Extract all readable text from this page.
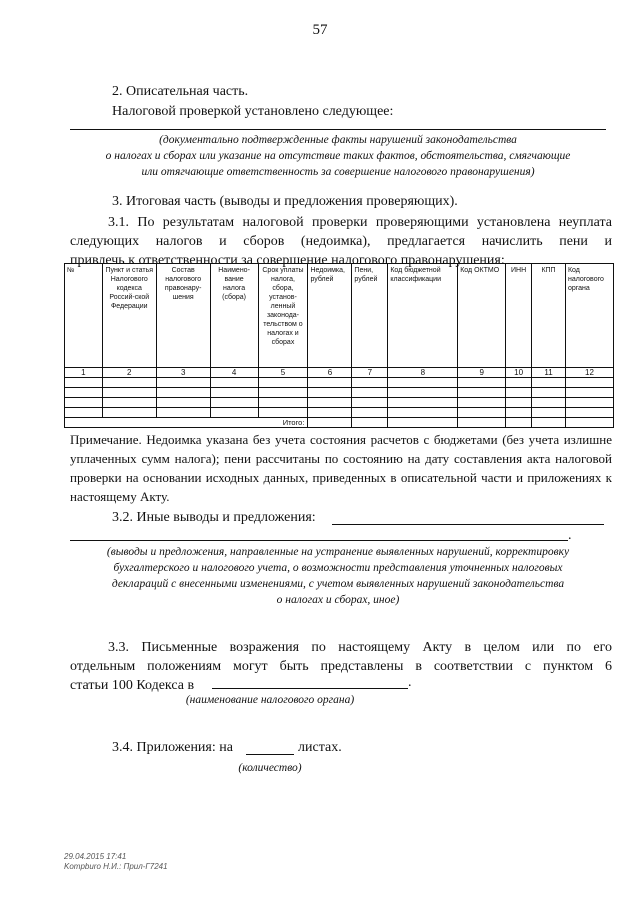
57
2. Описательная часть.
Налоговой проверкой установлено следующее:
(документально подтвержденные факты нарушений законодательства
о налогах и сборах или указание на отсутствие таких фактов, обстоятельства, смягчающие
или отягчающие ответственность за совершение налогового правонарушения)
3. Итоговая часть (выводы и предложения проверяющих).
3.1. По результатам налоговой проверки проверяющими установлена неуплата
следующих налогов и сборов (недоимка), предлагается начислить пени и
привлечь к ответственности за совершение налогового правонарушения:
№	Пункт и статья Налогового кодекса Россий-ской Федерации	Состав налогового правонару-шения	Наимено-вание налога (сбора)	Срок уплаты налога, сбора, установ-ленный законода-тельством о налогах и сборах	Недоимка, рублей	Пени, рублей	Код бюджетной классификации	Код ОКТМО	ИНН	КПП	Код налогового органа
1	2	3	4	5	6	7	8	9	10	11	12

Итого:											
Примечание. Недоимка указана без учета состояния расчетов с бюджетами (без учета излишне
уплаченных сумм налога); пени рассчитаны по состоянию на дату составления акта налоговой
проверки на основании исходных данных, приведенных в описательной части и приложениях к
настоящему Акту.
3.2. Иные выводы и предложения:
.
(выводы и предложения, направленные на устранение выявленных нарушений, корректировку
бухгалтерского и налогового учета, о возможности представления уточненных налоговых
деклараций с внесенными изменениями, с учетом выявленных нарушений законодательства
о налогах и сборах, иное)
3.3. Письменные возражения по настоящему Акту в целом или по его
отдельным положениям могут быть представлены в соответствии с пунктом 6
статьи 100 Кодекса в	.
(наименование налогового органа)
3.4. Приложения: на	листах.
(количество)
29.04.2015 17:41
Kompburo Н.И.: Прил-Г7241
